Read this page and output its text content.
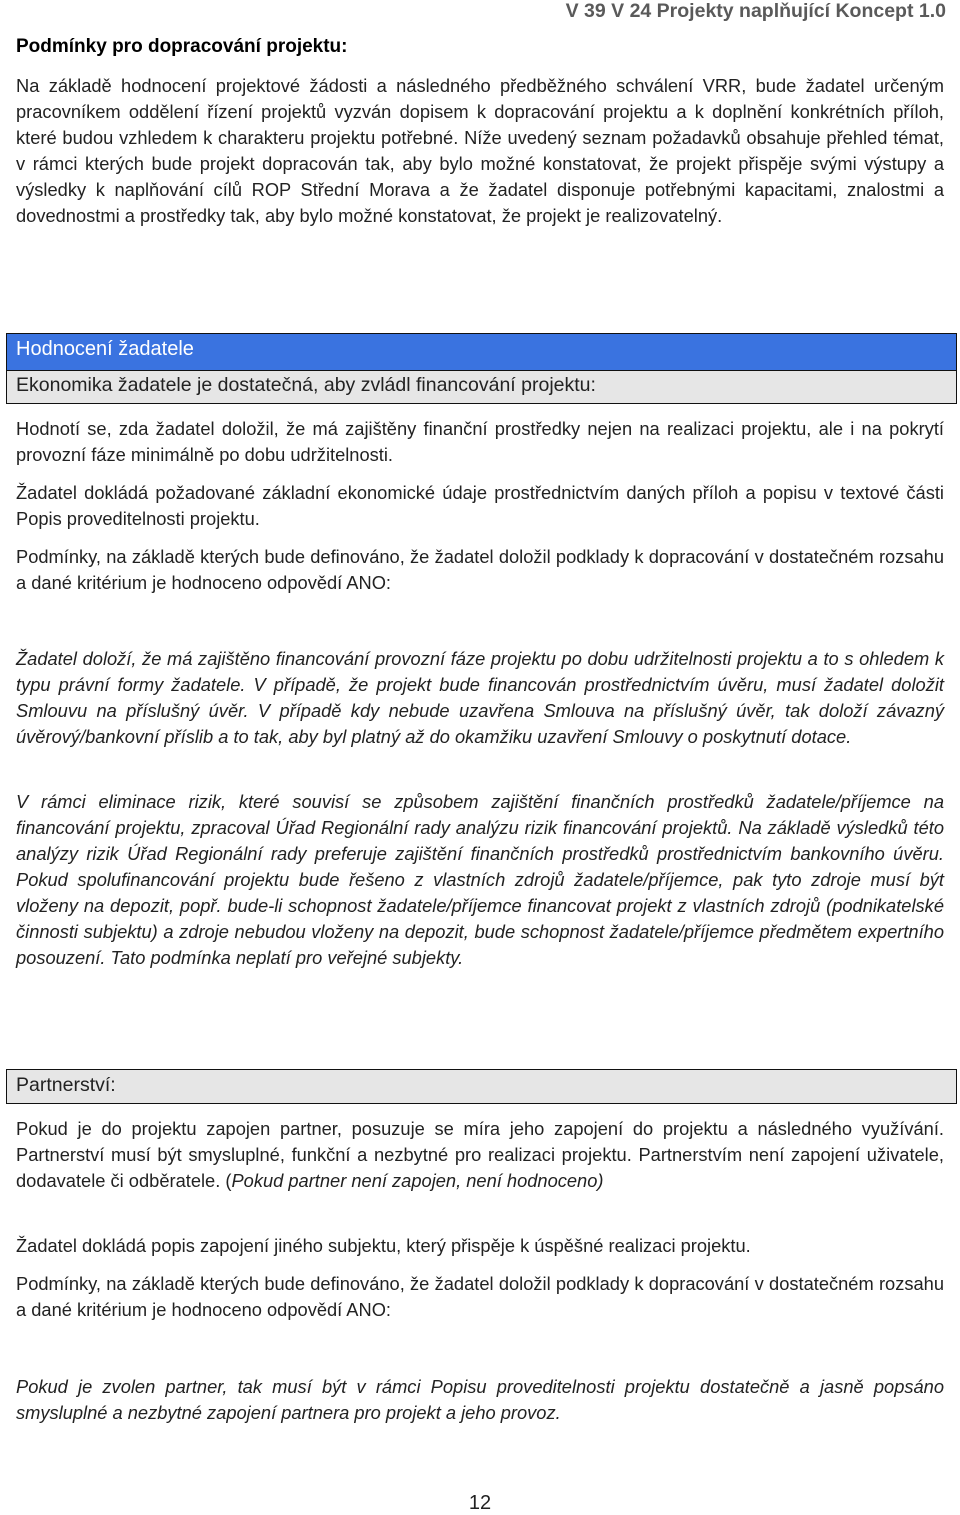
V 39 V 24 Projekty naplňující Koncept 1.0
Podmínky pro dopracování projektu:
Na základě hodnocení projektové žádosti a následného předběžného schválení VRR, bude žadatel určeným pracovníkem oddělení řízení projektů vyzván dopisem k dopracování projektu a k doplnění konkrétních příloh, které budou vzhledem k charakteru projektu potřebné. Níže uvedený seznam požadavků obsahuje přehled témat, v rámci kterých bude projekt dopracován tak, aby bylo možné konstatovat, že projekt přispěje svými výstupy a výsledky k naplňování cílů ROP Střední Morava a že žadatel disponuje potřebnými kapacitami, znalostmi a dovednostmi a prostředky tak, aby bylo možné konstatovat, že projekt je realizovatelný.
Hodnocení žadatele
Ekonomika žadatele je dostatečná, aby zvládl financování projektu:
Hodnotí se, zda žadatel doložil, že má zajištěny finanční prostředky nejen na realizaci projektu, ale i na pokrytí provozní fáze minimálně po dobu udržitelnosti.
Žadatel dokládá požadované základní ekonomické údaje prostřednictvím daných příloh a popisu v textové části Popis proveditelnosti projektu.
Podmínky, na základě kterých bude definováno, že žadatel doložil podklady k dopracování v dostatečném rozsahu a dané kritérium je hodnoceno odpovědí ANO:
Žadatel doloží, že má zajištěno financování provozní fáze projektu po dobu udržitelnosti projektu a to s ohledem k typu právní formy žadatele. V případě, že projekt bude financován prostřednictvím úvěru, musí žadatel doložit Smlouvu na příslušný úvěr. V případě kdy nebude uzavřena Smlouva na příslušný úvěr, tak doloží závazný úvěrový/bankovní příslib a to tak, aby byl platný až do okamžiku uzavření Smlouvy o poskytnutí dotace.
V rámci eliminace rizik, které souvisí se způsobem zajištění finančních prostředků žadatele/příjemce na financování projektu, zpracoval Úřad Regionální rady analýzu rizik financování projektů. Na základě výsledků této analýzy rizik Úřad Regionální rady preferuje zajištění finančních prostředků prostřednictvím bankovního úvěru. Pokud spolufinancování projektu bude řešeno z vlastních zdrojů žadatele/příjemce, pak tyto zdroje musí být vloženy na depozit, popř. bude-li schopnost žadatele/příjemce financovat projekt z vlastních zdrojů (podnikatelské činnosti subjektu) a zdroje nebudou vloženy na depozit, bude schopnost žadatele/příjemce předmětem expertního posouzení. Tato podmínka neplatí pro veřejné subjekty.
Partnerství:
Pokud je do projektu zapojen partner, posuzuje se míra jeho zapojení do projektu a následného využívání. Partnerství musí být smysluplné, funkční a nezbytné pro realizaci projektu. Partnerstvím není zapojení uživatele, dodavatele či odběratele. (Pokud partner není zapojen, není hodnoceno)
Žadatel dokládá popis zapojení jiného subjektu, který přispěje k úspěšné realizaci projektu.
Podmínky, na základě kterých bude definováno, že žadatel doložil podklady k dopracování v dostatečném rozsahu a dané kritérium je hodnoceno odpovědí ANO:
Pokud je zvolen partner, tak musí být v rámci Popisu proveditelnosti projektu dostatečně a jasně popsáno smysluplné a nezbytné zapojení partnera pro projekt a jeho provoz.
12
